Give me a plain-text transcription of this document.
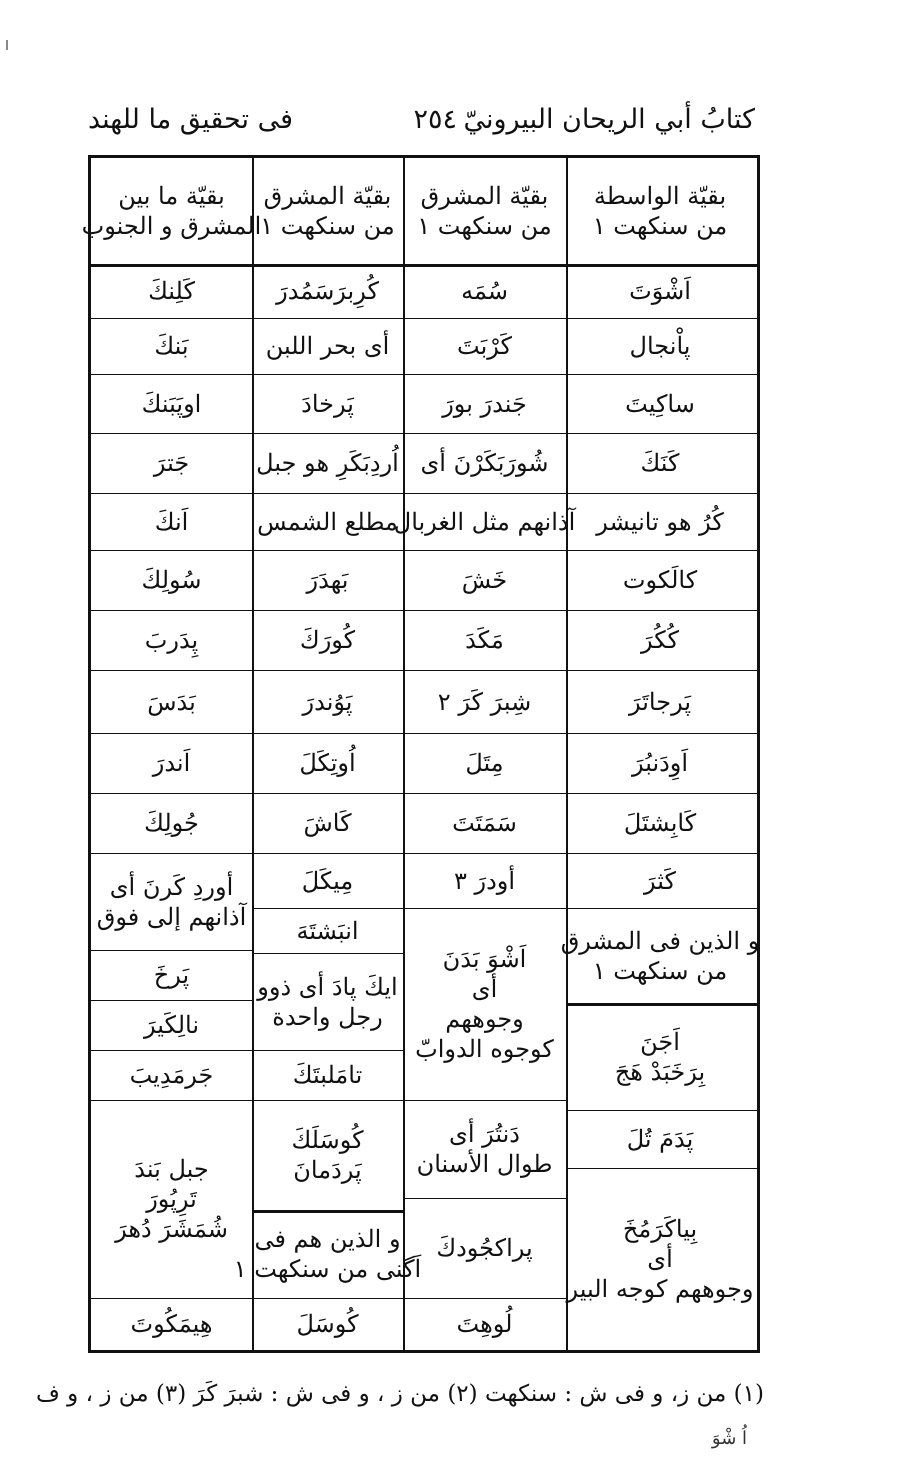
كتابُ أبي الريحان البيرونيّ
٢٥٤
فى تحقيق ما للهند
بقيّة الواسطة
من سنكهت ١
اَشْوَتَ
پاْنجال
ساكِيتَ
كَنَكَ
كُرُ هو تانيشر
كالَكوت
كُكُرَ
پَرجاتَرَ
اَوِدَنبُرَ
كَابِشتَلَ
كَثرَ
و الذين فى المشرق
من سنكهت ١
اَجَنَ
بِرَخَبَدْ هَجَ
پَدَمَ تُلَ
بِياكَرَمُخَ
أى
وجوههم كوجه البير
بقيّة المشرق
من سنكهت ١
سُمَه
كَرْبَتَ
جَندرَ بورَ
شُورَبَكَرْنَ أى
آذانهم مثل الغربال
خَشَ
مَكَدَ
شِبرَ كَرَ ٢
مِتَلَ
سَمَتَتَ
أودرَ ٣
اَشْوَ بَدَنَ
أى
وجوههم
كوجوه الدوابّ
دَنتُرَ أى
طوال الأسنان
پراكجُودكَ
لُوهِتَ
بقيّة المشرق
من سنكهت ١
كُرِبرَسَمُدرَ
أى بحر اللبن
پَرخادَ
اُردِبَكَرِ هو جبل
مطلع الشمس
بَهدَرَ
كُورَكَ
پَوُندرَ
اُوتِكَلَ
كَاشَ
مِيكَلَ
انبَشتَهَ
ايكَ پادَ أى ذوو
رجل واحدة
تامَلبتَكَ
كُوسَلَكَ
پَردَمانَ
و الذين هم فى
اَگنى من سنكهت ١
كُوسَلَ
بقيّة ما بين
المشرق و الجنوب
كَلِنكَ
بَنكَ
اوپَبَنكَ
جَترَ
اَنكَ
سُولِكَ
پِدَربَ
بَدَسَ
اَندرَ
جُولِكَ
أوردِ كَرنَ أى
آذانهم إلى فوق
پَرخَ
نالِكَيرَ
جَرمَدِيبَ
جبل بَندَ
تَرِپُورَ
شُمَشَرَ دُهرَ
هِيمَكُوتَ
(١) من ز، و فى ش : سنكهت (٢) من ز ، و فى ش : شبرَ كَرَ (٣) من ز ، و ف
اُ شْوَ
